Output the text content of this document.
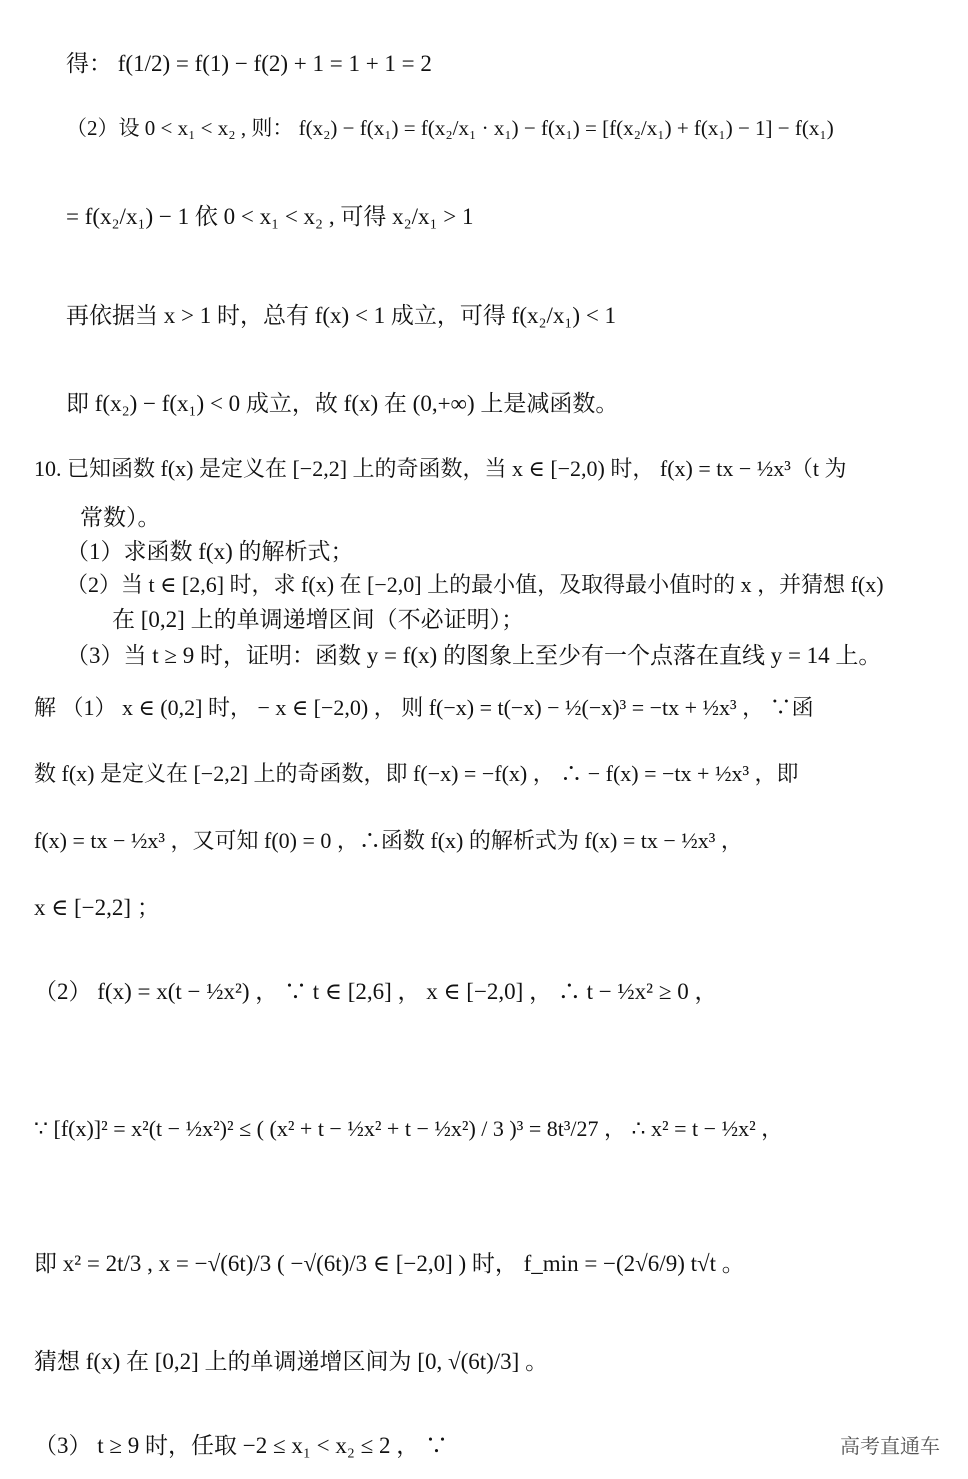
得： f(1/2) = f(1) − f(2) + 1 = 1 + 1 = 2
（2）设 0 < x₁ < x₂ , 则： f(x₂) − f(x₁) = f(x₂/x₁ · x₁) − f(x₁) = [f(x₂/x₁) + f(x₁) − 1] − f(x₁)
= f(x₂/x₁) − 1 依 0 < x₁ < x₂ , 可得 x₂/x₁ > 1
再依据当 x > 1 时，总有 f(x) < 1 成立，可得 f(x₂/x₁) < 1
即 f(x₂) − f(x₁) < 0 成立，故 f(x) 在 (0,+∞) 上是减函数。
10. 已知函数 f(x) 是定义在 [−2,2] 上的奇函数，当 x ∈ [−2,0) 时， f(x) = tx − ½x³（t 为
常数）。
（1）求函数 f(x) 的解析式；
（2）当 t ∈ [2,6] 时，求 f(x) 在 [−2,0] 上的最小值，及取得最小值时的 x ，并猜想 f(x)
在 [0,2] 上的单调递增区间（不必证明）；
（3）当 t ≥ 9 时，证明：函数 y = f(x) 的图象上至少有一个点落在直线 y = 14 上。
解 （1） x ∈ (0,2] 时， − x ∈ [−2,0) ， 则 f(−x) = t(−x) − ½(−x)³ = −tx + ½x³ ， ∵函
数 f(x) 是定义在 [−2,2] 上的奇函数，即 f(−x) = −f(x) ， ∴ − f(x) = −tx + ½x³ ，即
f(x) = tx − ½x³ ，又可知 f(0) = 0 ，∴函数 f(x) 的解析式为 f(x) = tx − ½x³ ，
x ∈ [−2,2] ；
（2） f(x) = x(t − ½x²) ， ∵ t ∈ [2,6] ， x ∈ [−2,0] ， ∴ t − ½x² ≥ 0 ，
∵ [f(x)]² = x²(t − ½x²)² ≤ ( (x² + t − ½x² + t − ½x²) / 3 )³ = 8t³/27 ， ∴ x² = t − ½x² ，
即 x² = 2t/3 , x = −√(6t)/3 ( −√(6t)/3 ∈ [−2,0] ) 时， f_min = −(2√6/9) t√t 。
猜想 f(x) 在 [0,2] 上的单调递增区间为 [0, √(6t)/3] 。
（3） t ≥ 9 时，任取 −2 ≤ x₁ < x₂ ≤ 2 ， ∵	高考直通车
